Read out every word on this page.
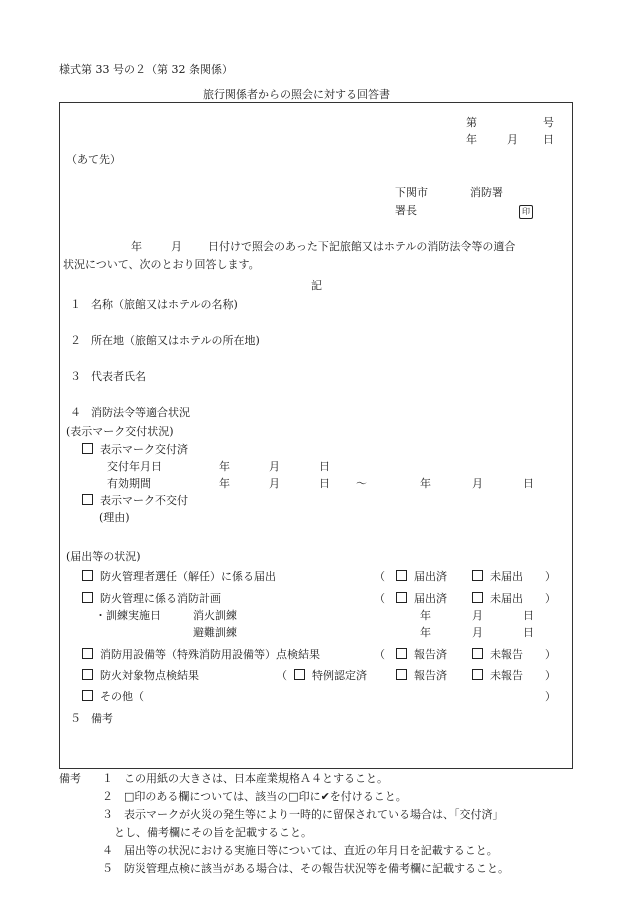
様式第 33 号の２（第 32 条関係）
旅行関係者からの照会に対する回答書
第	号
年	月 日
（あて先）
下関市	消防署
署長	印
年	月 日付けで照会のあった下記旅館又はホテルの消防法令等の適合
状況について、次のとおり回答します。
記
１ 名称（旅館又はホテルの名称)
２ 所在地（旅館又はホテルの所在地)
３ 代表者氏名
４ 消防法令等適合状況
(表示マーク交付状況)
表示マーク交付済
交付年月日	年	月	日
有効期間	年	月	日 ～	年	月	日
表示マーク不交付
(理由)
(届出等の状況)
防火管理者選任（解任）に係る届出	（	届出済	未届出 ）
防火管理に係る消防計画	（	届出済	未届出 ）
・訓練実施日	消火訓練	年	月	日
避難訓練	年	月	日
消防用設備等（特殊消防用設備等）点検結果	（	報告済	未報告 ）
防火対象物点検結果	（	特例認定済	報告済	未報告 ）
その他（	）
５ 備考
備考 １　この用紙の大きさは、日本産業規格Ａ４とすること。
２　□印のある欄については、該当の□印に✔を付けること。
３　表示マークが火災の発生等により一時的に留保されている場合は、「交付済」
とし、備考欄にその旨を記載すること。
４　届出等の状況における実施日等については、直近の年月日を記載すること。
５　防災管理点検に該当がある場合は、その報告状況等を備考欄に記載すること。
